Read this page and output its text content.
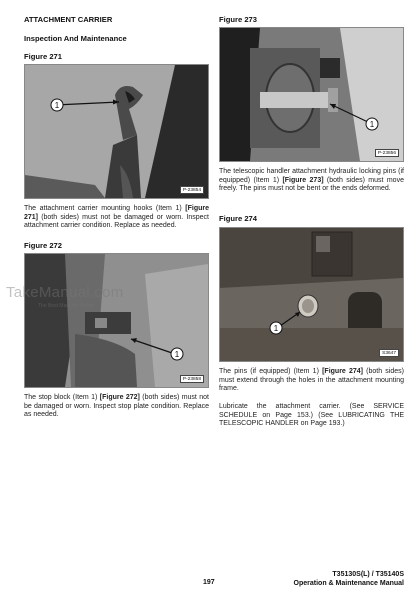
ATTACHMENT CARRIER
Inspection And Maintenance
Figure 271
1
P-23854
The attachment carrier mounting hooks (Item 1) [Figure 271] (both sides) must not be damaged or worn. Inspect attachment carrier condition. Replace as needed.
Figure 272
1
P-23858
TakeManual.com
The Best Manuals Online
The stop block (Item 1) [Figure 272] (both sides) must not be damaged or worn. Inspect stop plate condition. Replace as needed.
Figure 273
1
P-23856
The telescopic handler attachment hydraulic locking pins (if equipped) (Item 1) [Figure 273] (both sides) must move freely. The pins must not be bent or the ends deformed.
Figure 274
1
S3647
The pins (if equipped) (Item 1) [Figure 274] (both sides) must extend through the holes in the attachment mounting frame.
Lubricate the attachment carrier. (See SERVICE SCHEDULE on Page 153.) (See LUBRICATING THE TELESCOPIC HANDLER on Page 193.)
197
T35130S(L) / T35140S
Operation & Maintenance Manual
